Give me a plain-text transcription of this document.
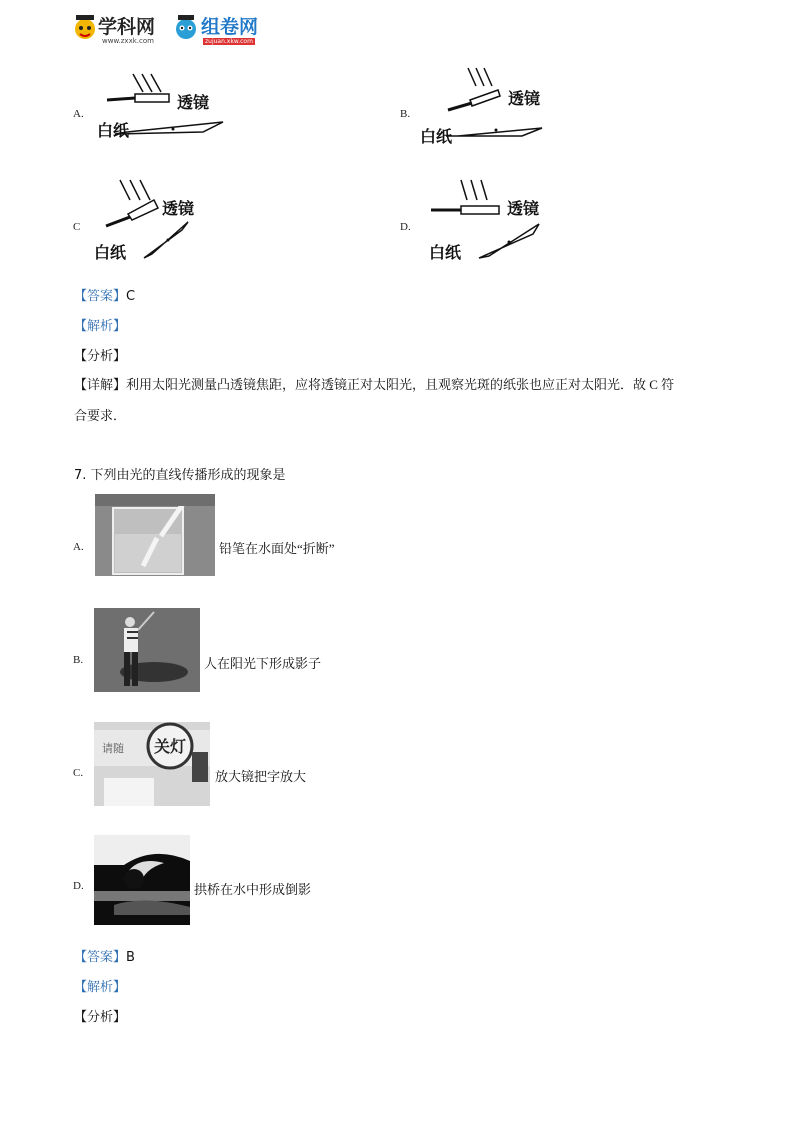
学科网
www.zxxk.com
组卷网
zujuan.xkw.com
A.
透镜
白纸
B.
透镜
白纸
C
透镜
白纸
D.
透镜
白纸
【答案】C
【解析】
【分析】
【详解】利用太阳光测量凸透镜焦距，应将透镜正对太阳光，且观察光斑的纸张也应正对太阳光．故 C 符
合要求．
7. 下列由光的直线传播形成的现象是
A.	铅笔在水面处“折断”
B.	人在阳光下形成影子
C.
请随 关灯
放大镜把字放大
D.	拱桥在水中形成倒影
【答案】B
【解析】
【分析】
